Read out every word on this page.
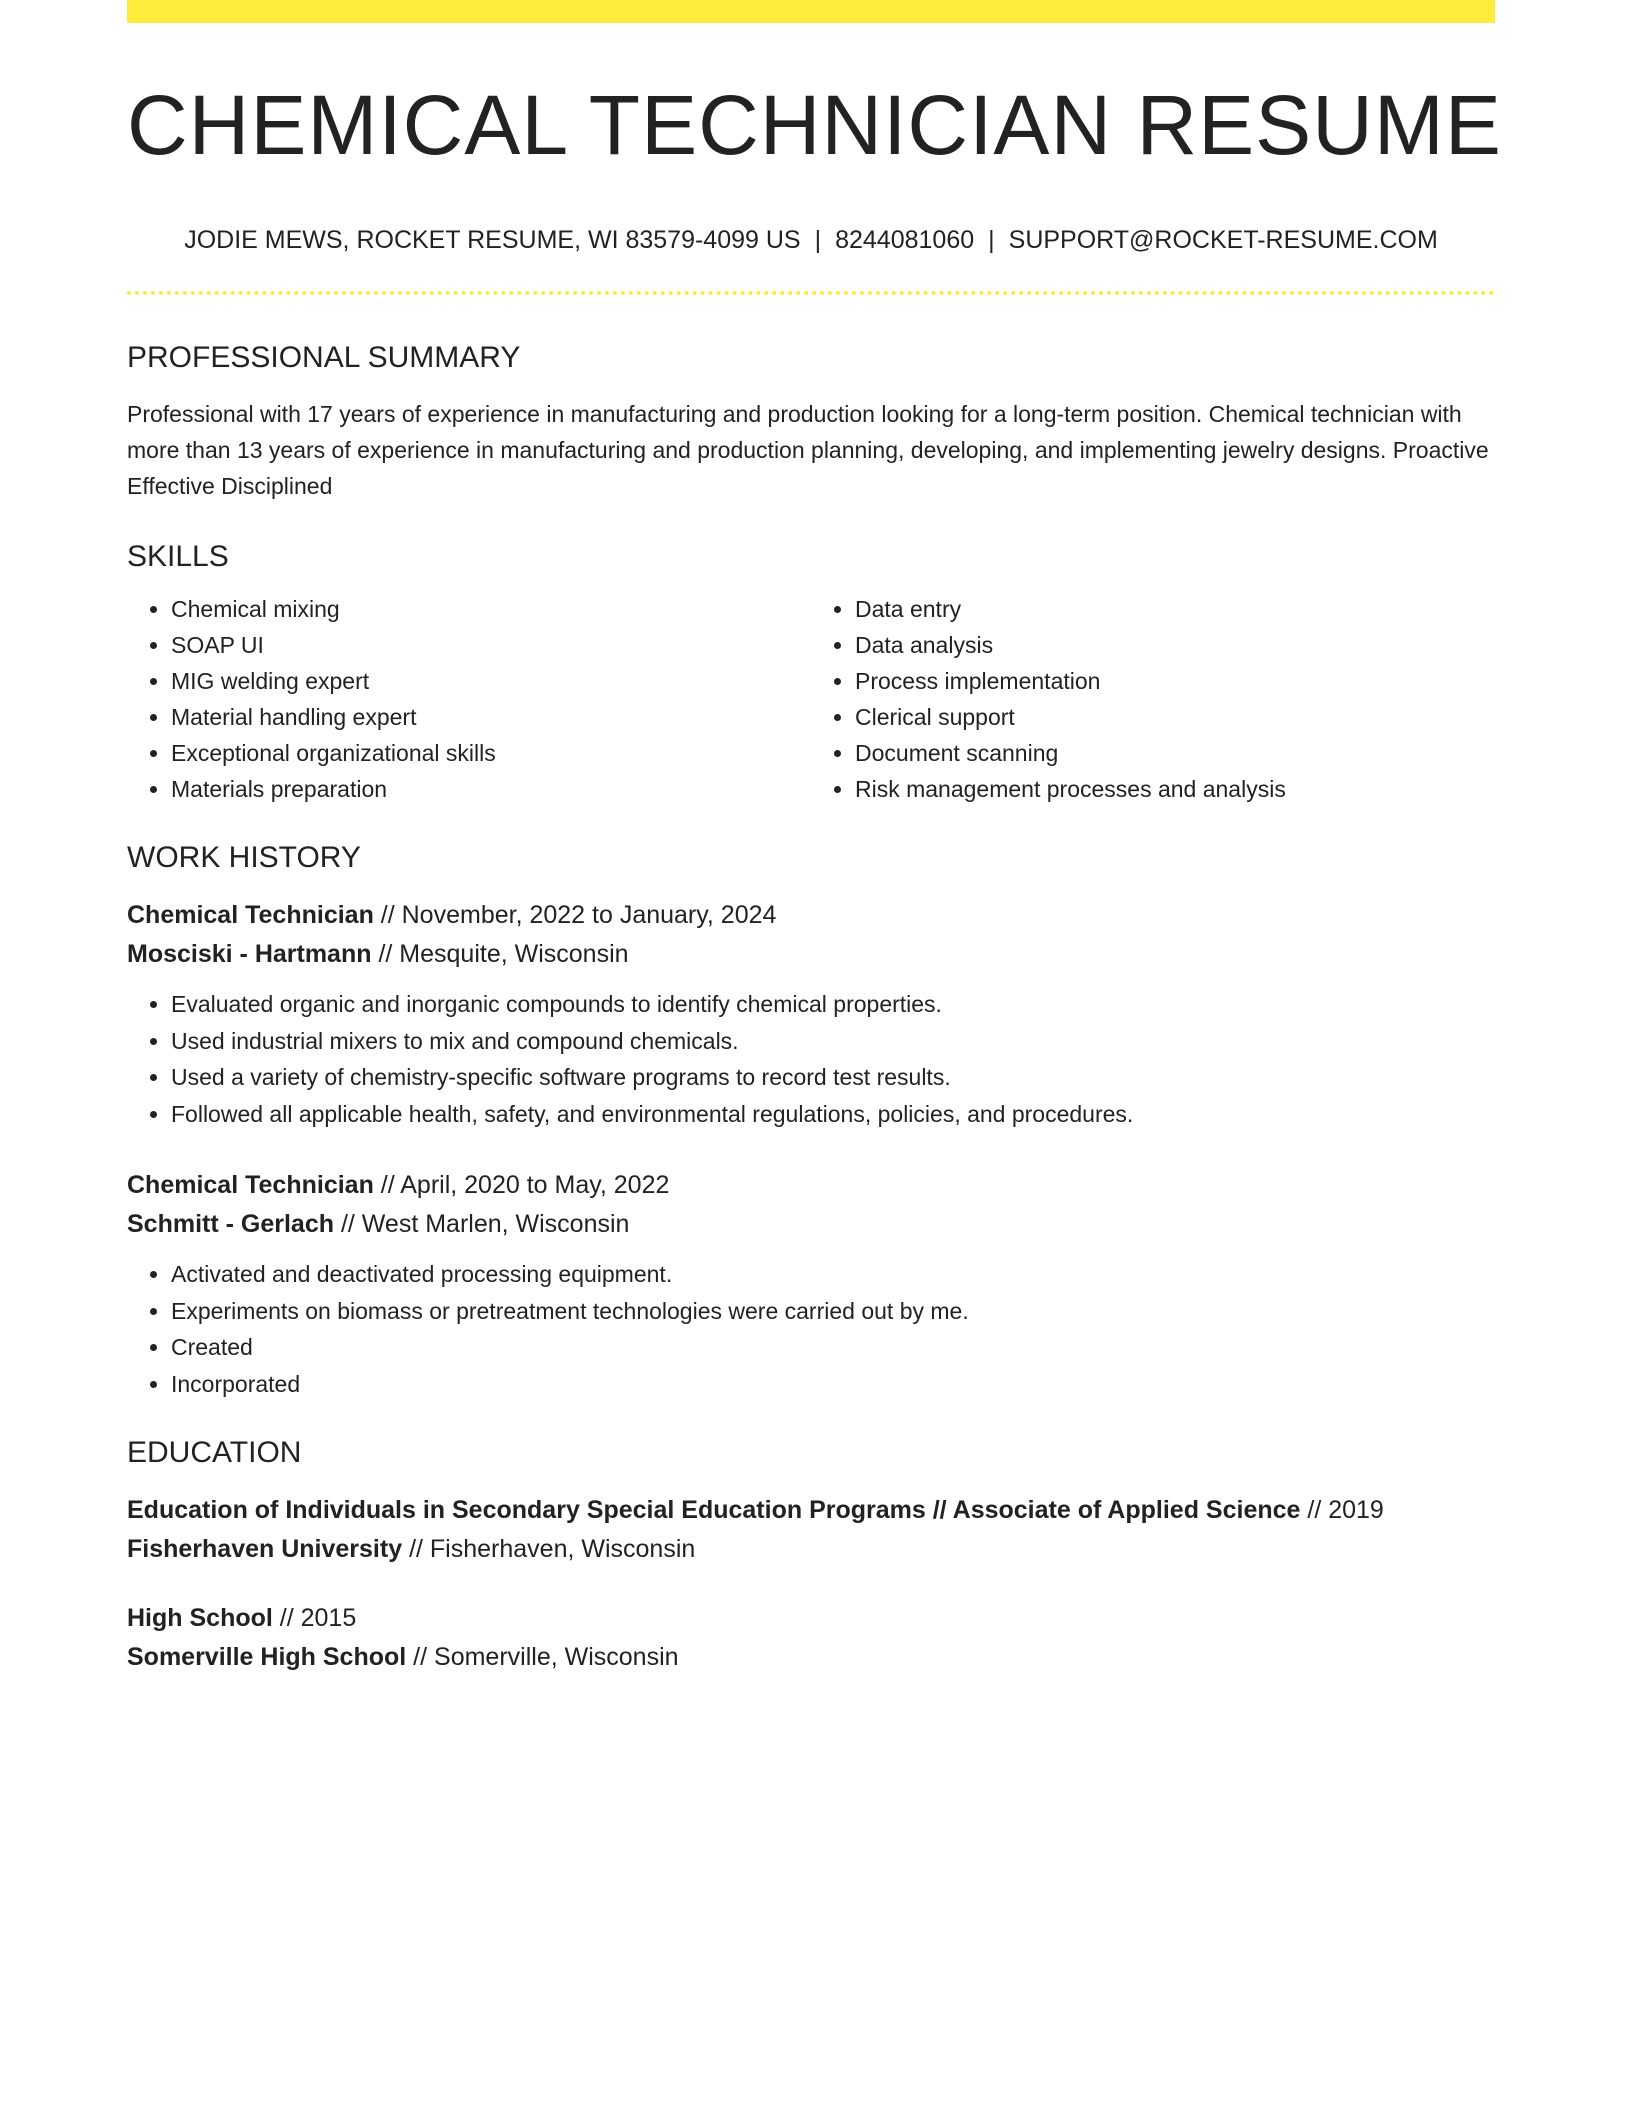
CHEMICAL TECHNICIAN RESUME
JODIE MEWS, ROCKET RESUME, WI 83579-4099 US | 8244081060 | SUPPORT@ROCKET-RESUME.COM
PROFESSIONAL SUMMARY
Professional with 17 years of experience in manufacturing and production looking for a long-term position. Chemical technician with more than 13 years of experience in manufacturing and production planning, developing, and implementing jewelry designs. Proactive Effective Disciplined
SKILLS
• Chemical mixing
• SOAP UI
• MIG welding expert
• Material handling expert
• Exceptional organizational skills
• Materials preparation
• Data entry
• Data analysis
• Process implementation
• Clerical support
• Document scanning
• Risk management processes and analysis
WORK HISTORY
Chemical Technician // November, 2022 to January, 2024
Mosciski - Hartmann // Mesquite, Wisconsin
• Evaluated organic and inorganic compounds to identify chemical properties.
• Used industrial mixers to mix and compound chemicals.
• Used a variety of chemistry-specific software programs to record test results.
• Followed all applicable health, safety, and environmental regulations, policies, and procedures.
Chemical Technician // April, 2020 to May, 2022
Schmitt - Gerlach // West Marlen, Wisconsin
• Activated and deactivated processing equipment.
• Experiments on biomass or pretreatment technologies were carried out by me.
• Created
• Incorporated
EDUCATION
Education of Individuals in Secondary Special Education Programs // Associate of Applied Science // 2019
Fisherhaven University // Fisherhaven, Wisconsin
High School // 2015
Somerville High School // Somerville, Wisconsin
